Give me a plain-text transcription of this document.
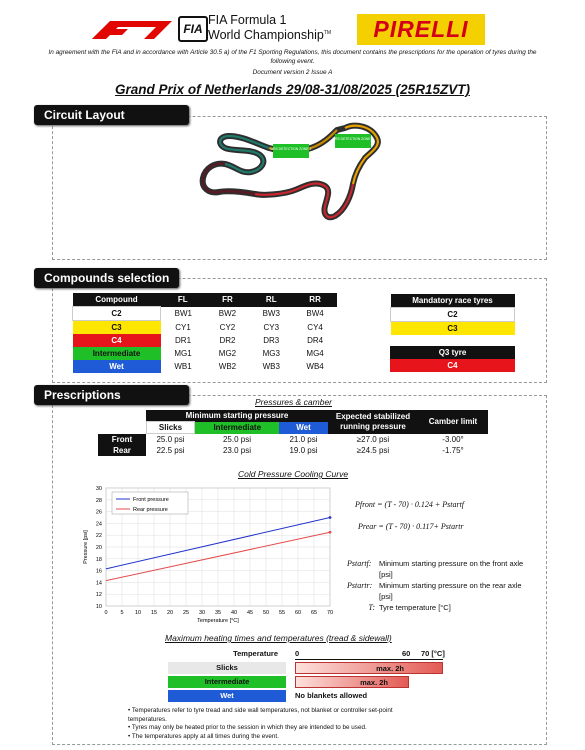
FIA
FIA Formula 1
World Championship™	PIRELLI
In agreement with the FIA and in accordance with Article 30.5 a) of the F1 Sporting Regulations, this document contains the prescriptions for the operation of tyres during the following event.
Document version 2 Issue A
Grand Prix of Netherlands 29/08-31/08/2025 (25R15ZVT)
Circuit Layout
DRS DETECTION ZONE 2
DRS DETECTION ZONE 1
Compounds selection
Compound	FL	FR	RL	RR
C2	BW1	BW2	BW3	BW4
C3	CY1	CY2	CY3	CY4
C4	DR1	DR2	DR3	DR4
Intermediate	MG1	MG2	MG3	MG4
Wet	WB1	WB2	WB3	WB4
Mandatory race tyres
C2
C3
Q3 tyre
C4
Prescriptions	Pressures & camber
	Minimum starting pressure			Expected stabilized running pressure	Camber limit
	Slicks	Intermediate	Wet		
Front	25.0 psi	25.0 psi	21.0 psi	≥27.0 psi	-3.00°
Rear	22.5 psi	23.0 psi	19.0 psi	≥24.5 psi	-1.75°
Cold Pressure Cooling Curve
10
12
14
16
18
20
22
24
26
28
30
0 5 10 15 20 25 30 35 40 45 50 55 60 65 70
Temperature [°C]
Pressure [psi]
Front pressure
Rear pressure
Pfront = (T - 70) · 0.124 + Pstartf
Prear = (T - 70) · 0.117+ Pstartr
Pstartf:	Minimum starting pressure on the front axle [psi]
Pstartr: Minimum starting pressure on the rear axle [psi]
T: Tyre temperature [°C]
Maximum heating times and temperatures (tread & sidewall)
Temperature	0	60 70 [°C]
Slicks	max. 2h
Intermediate	max. 2h
Wet	No blankets allowed
• Temperatures refer to tyre tread and side wall temperatures, not blanket or controller set-point temperatures.
• Tyres may only be heated prior to the session in which they are intended to be used.
• The temperatures apply at all times during the event.
